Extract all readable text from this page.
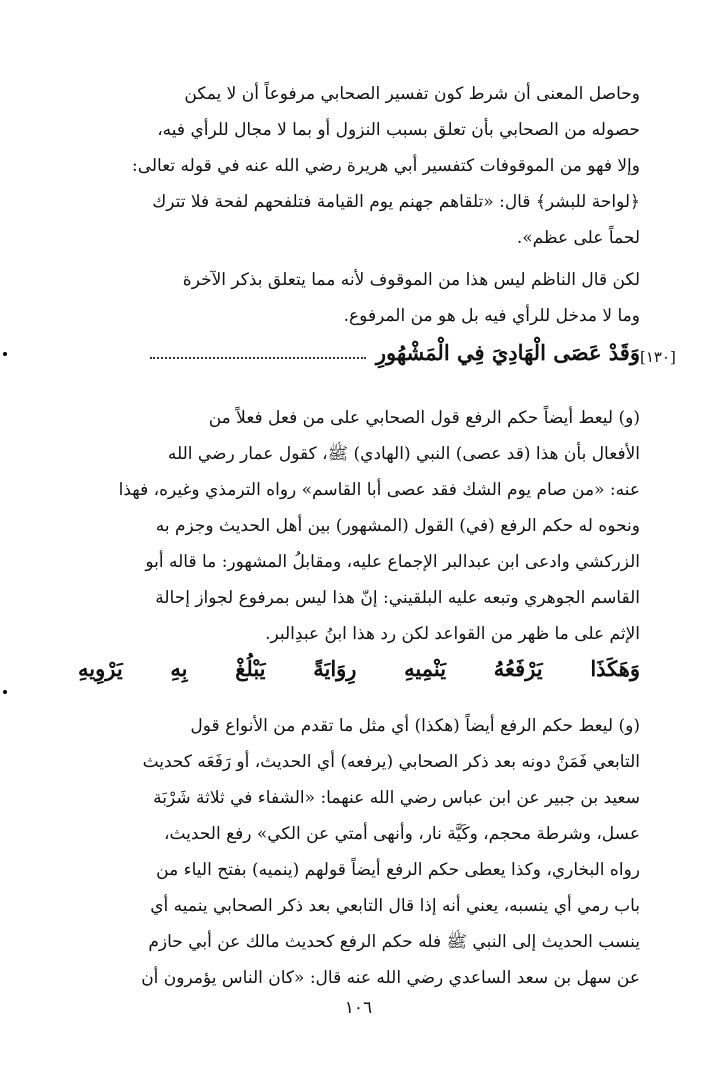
وحاصل المعنى أن شرط كون تفسير الصحابي مرفوعاً أن لا يمكن

حصوله من الصحابي بأن تعلق بسبب النزول أو بما لا مجال للرأي فيه،

وإلا فهو من الموقوفات كتفسير أبي هريرة رضي الله عنه في قوله تعالى:

﴿لواحة للبشر﴾ قال: «تلقاهم جهنم يوم القيامة فتلفحهم لفحة فلا تترك

لحماً على عظم».

لكن قال الناظم ليس هذا من الموقوف لأنه مما يتعلق بذكر الآخرة

وما لا مدخل للرأي فيه بل هو من المرفوع.

[١٣٠]
وَقَدْ عَصَى الْهَادِيَ فِي الْمَشْهُورِ

(و) ليعط أيضاً حكم الرفع قول الصحابي على من فعل فعلاً من

الأفعال بأن هذا (قد عصى) النبي (الهادي) ﷺ، كقول عمار رضي الله

عنه: «من صام يوم الشك فقد عصى أبا القاسم» رواه الترمذي وغيره، فهذا

ونحوه له حكم الرفع (في) القول (المشهور) بين أهل الحديث وجزم به

الزركشي وادعى ابن عبدالبر الإجماع عليه، ومقابلُ المشهور: ما قاله أبو

القاسم الجوهري وتبعه عليه البلقيني: إنّ هذا ليس بمرفوع لجواز إحالة

الإثم على ما ظهر من القواعد لكن رد هذا ابنُ عبدِالبر.

وَهَكَذَا يَرْفَعُهُ يَنْمِيهِ رِوَايَةً يَبْلُغْ بِهِ يَرْوِيهِ

(و) ليعط حكم الرفع أيضاً (هكذا) أي مثل ما تقدم من الأنواع قول

التابعي فَمَنْ دونه بعد ذكر الصحابي (يرفعه) أي الحديث، أو رَفَعَه كحديث

سعيد بن جبير عن ابن عباس رضي الله عنهما: «الشفاء في ثلاثة شَرْبَة

عسل، وشرطة محجم، وكَيَّة نار، وأنهى أمتي عن الكي» رفع الحديث،

رواه البخاري، وكذا يعطى حكم الرفع أيضاً قولهم (ينميه) بفتح الياء من

باب رمي أي ينسبه، يعني أنه إذا قال التابعي بعد ذكر الصحابي ينميه أي

ينسب الحديث إلى النبي ﷺ فله حكم الرفع كحديث مالك عن أبي حازم

عن سهل بن سعد الساعدي رضي الله عنه قال: «كان الناس يؤمرون أن

١٠٦
